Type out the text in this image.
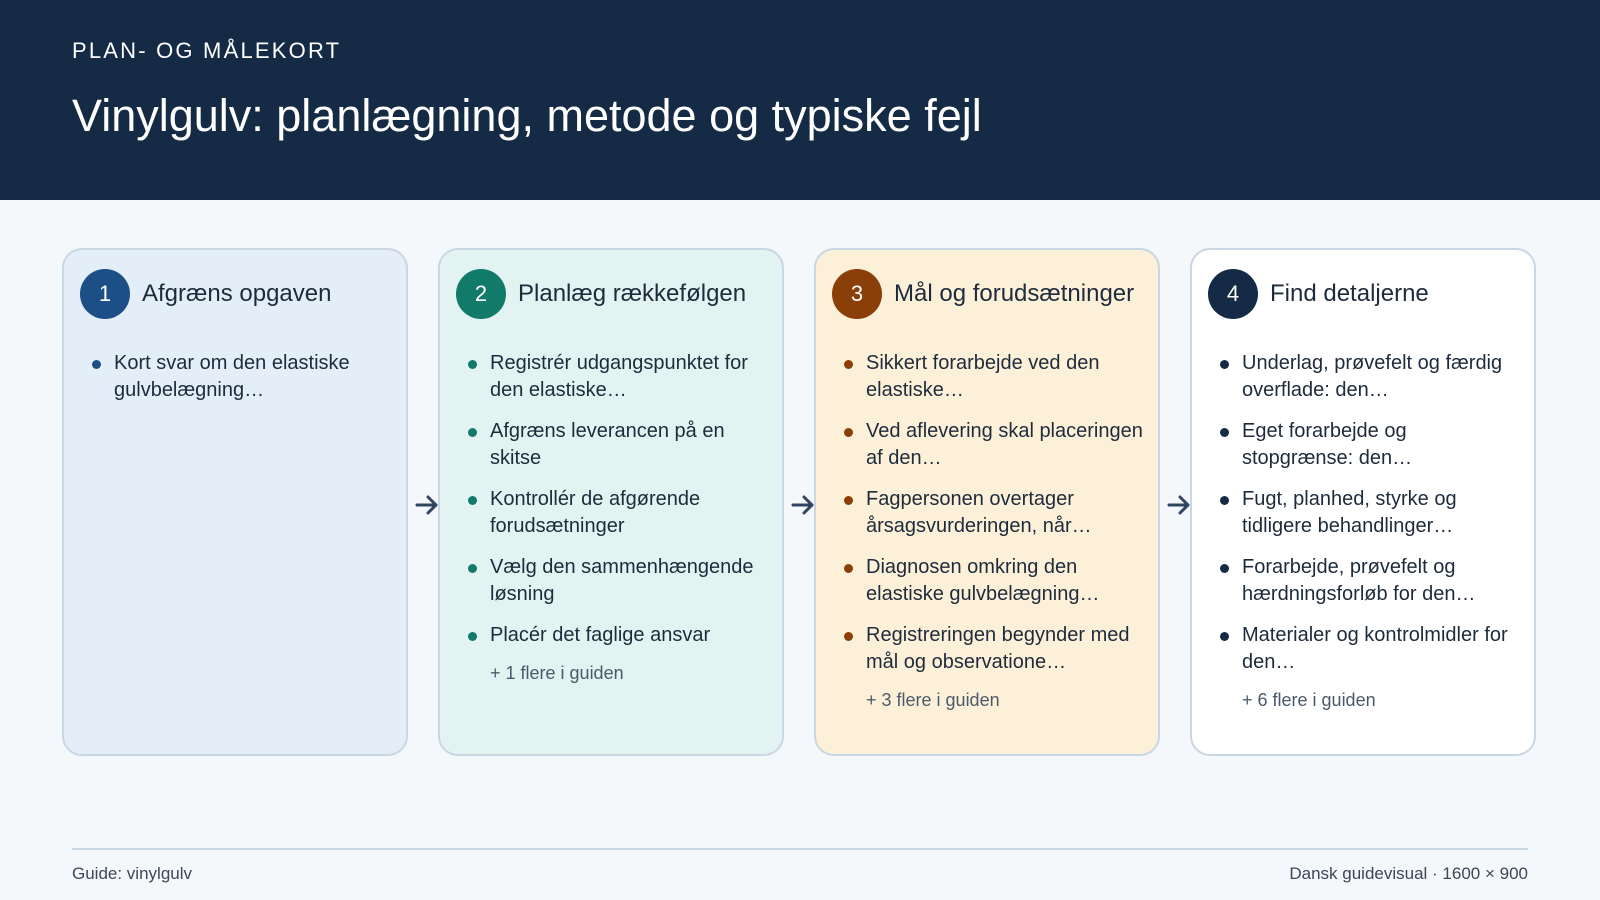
PLAN- OG MÅLEKORT
Vinylgulv: planlægning, metode og typiske fejl
1	Afgræns opgaven
Kort svar om den elastiske gulvbelægning…
2	Planlæg rækkefølgen
Registrér udgangspunktet for den elastiske…
Afgræns leverancen på en skitse
Kontrollér de afgørende forudsætninger
Vælg den sammenhængende løsning
Placér det faglige ansvar
+ 1 flere i guiden
3	Mål og forudsætninger
Sikkert forarbejde ved den elastiske…
Ved aflevering skal placeringen af den…
Fagpersonen overtager årsagsvurderingen, når…
Diagnosen omkring den elastiske gulvbelægning…
Registreringen begynder med mål og observatione…
+ 3 flere i guiden
4	Find detaljerne
Underlag, prøvefelt og færdig overflade: den…
Eget forarbejde og stopgrænse: den…
Fugt, planhed, styrke og tidligere behandlinger…
Forarbejde, prøvefelt og hærdningsforløb for den…
Materialer og kontrolmidler for den…
+ 6 flere i guiden
Guide: vinylgulv	Dansk guidevisual · 1600 × 900
